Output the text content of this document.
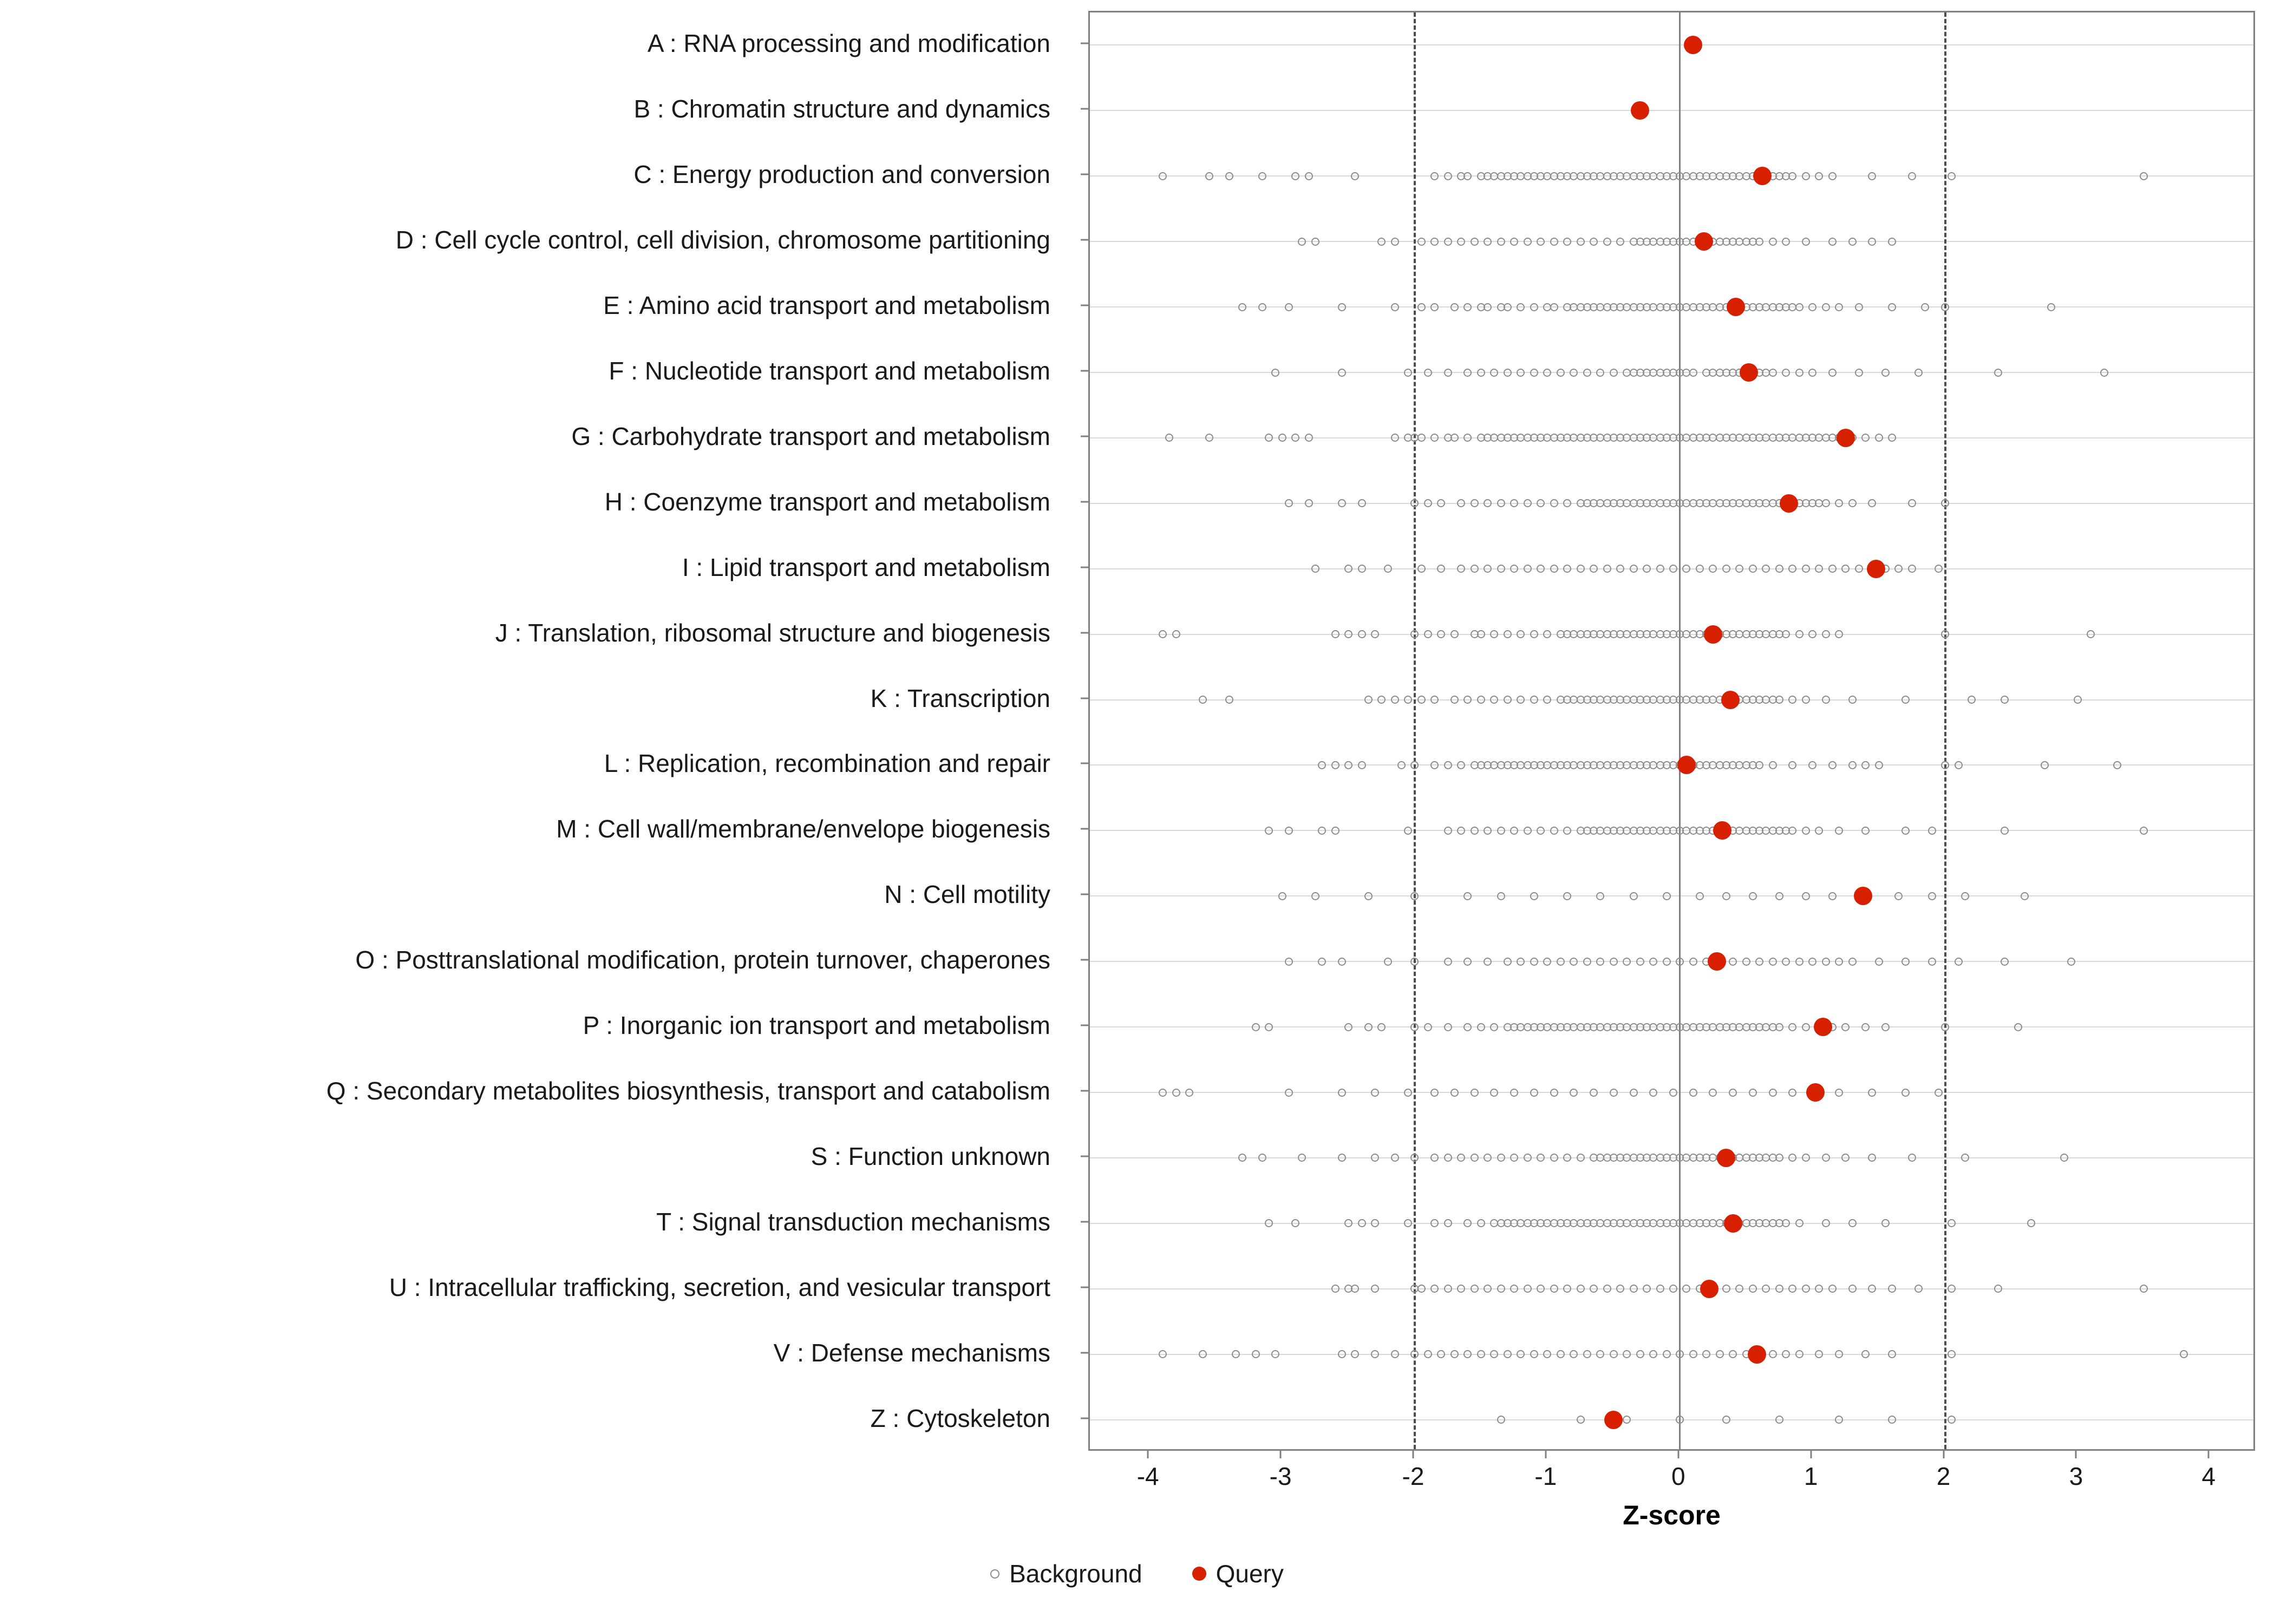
A : RNA processing and modification
B : Chromatin structure and dynamics
C : Energy production and conversion
D : Cell cycle control, cell division, chromosome partitioning
E : Amino acid transport and metabolism
F : Nucleotide transport and metabolism
G : Carbohydrate transport and metabolism
H : Coenzyme transport and metabolism
I : Lipid transport and metabolism
J : Translation, ribosomal structure and biogenesis
K : Transcription
L : Replication, recombination and repair
M : Cell wall/membrane/envelope biogenesis
N : Cell motility
O : Posttranslational modification, protein turnover, chaperones
P : Inorganic ion transport and metabolism
Q : Secondary metabolites biosynthesis, transport and catabolism
S : Function unknown
T : Signal transduction mechanisms
U : Intracellular trafficking, secretion, and vesicular transport
V : Defense mechanisms
Z : Cytoskeleton
Z-score
Background	Query
-4	-3	-2	-1	0	1	2	3	4
